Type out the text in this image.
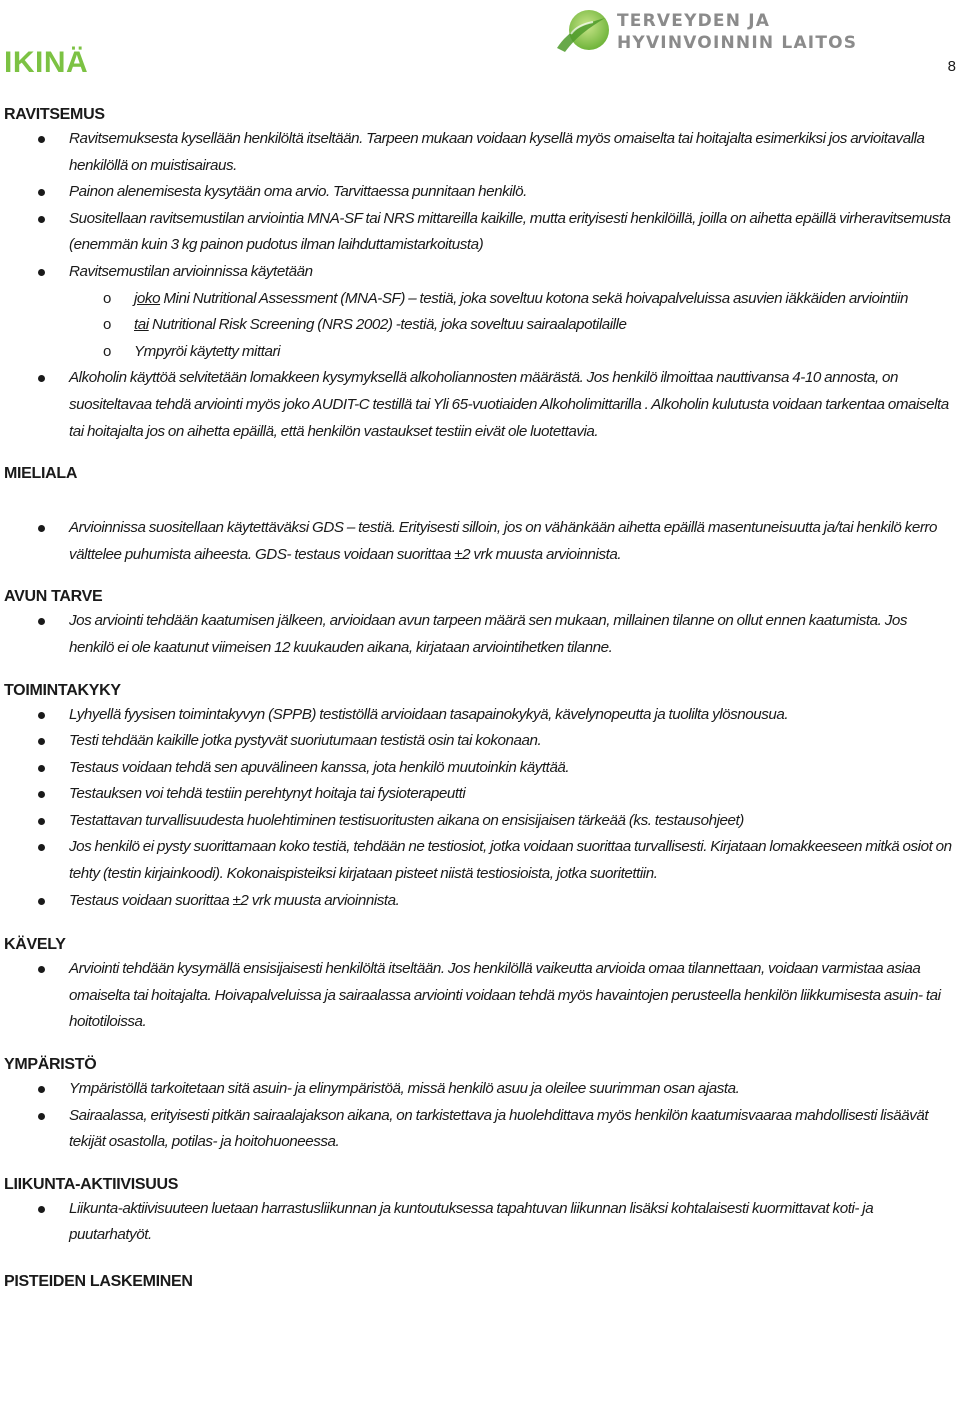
IKINÄ
TERVEYDEN JA
HYVINVOINNIN LAITOS
8
RAVITSEMUS
Ravitsemuksesta kysellään henkilöltä itseltään. Tarpeen mukaan voidaan kysellä myös omaiselta tai hoitajalta esimerkiksi jos arvioitavalla henkilöllä on muistisairaus.
Painon alenemisesta kysytään oma arvio. Tarvittaessa punnitaan henkilö.
Suositellaan ravitsemustilan arviointia MNA-SF tai NRS mittareilla kaikille, mutta erityisesti henkilöillä, joilla on aihetta epäillä virheravitsemusta (enemmän kuin 3 kg painon pudotus ilman laihduttamistarkoitusta)
Ravitsemustilan arvioinnissa käytetään
o joko Mini Nutritional Assessment (MNA-SF) – testiä, joka soveltuu kotona sekä hoivapalveluissa asuvien iäkkäiden arviointiin
o tai Nutritional Risk Screening (NRS 2002) -testiä, joka soveltuu sairaalapotilaille
o Ympyröi käytetty mittari
Alkoholin käyttöä selvitetään lomakkeen kysymyksellä alkoholiannosten määrästä. Jos henkilö ilmoittaa nauttivansa 4-10 annosta, on suositeltavaa tehdä arviointi myös joko AUDIT-C testillä tai Yli 65-vuotiaiden Alkoholimittarilla . Alkoholin kulutusta voidaan tarkentaa omaiselta tai hoitajalta jos on aihetta epäillä, että henkilön vastaukset testiin eivät ole luotettavia.
MIELIALA
Arvioinnissa suositellaan käytettäväksi GDS – testiä. Erityisesti silloin, jos on vähänkään aihetta epäillä masentuneisuutta ja/tai henkilö kerro välttelee puhumista aiheesta. GDS- testaus voidaan suorittaa ±2 vrk muusta arvioinnista.
AVUN TARVE
Jos arviointi tehdään kaatumisen jälkeen, arvioidaan avun tarpeen määrä sen mukaan, millainen tilanne on ollut ennen kaatumista. Jos henkilö ei ole kaatunut viimeisen 12 kuukauden aikana, kirjataan arviointihetken tilanne.
TOIMINTAKYKY
Lyhyellä fyysisen toimintakyvyn (SPPB) testistöllä arvioidaan tasapainokykyä, kävelynopeutta ja tuolilta ylösnousua.
Testi tehdään kaikille jotka pystyvät suoriutumaan testistä osin tai kokonaan.
Testaus voidaan tehdä sen apuvälineen kanssa, jota henkilö muutoinkin käyttää.
Testauksen voi tehdä testiin perehtynyt hoitaja tai fysioterapeutti
Testattavan turvallisuudesta huolehtiminen testisuoritusten aikana on ensisijaisen tärkeää (ks. testausohjeet)
Jos henkilö ei pysty suorittamaan koko testiä, tehdään ne testiosiot, jotka voidaan suorittaa turvallisesti. Kirjataan lomakkeeseen mitkä osiot on tehty (testin kirjainkoodi). Kokonaispisteiksi kirjataan pisteet niistä testiosioista, jotka suoritettiin.
Testaus voidaan suorittaa ±2 vrk muusta arvioinnista.
KÄVELY
Arviointi tehdään kysymällä ensisijaisesti henkilöltä itseltään. Jos henkilöllä vaikeutta arvioida omaa tilannettaan, voidaan varmistaa asiaa omaiselta tai hoitajalta. Hoivapalveluissa ja sairaalassa arviointi voidaan tehdä myös havaintojen perusteella henkilön liikkumisesta asuin- tai hoitotiloissa.
YMPÄRISTÖ
Ympäristöllä tarkoitetaan sitä asuin- ja elinympäristöä, missä henkilö asuu ja oleilee suurimman osan ajasta.
Sairaalassa, erityisesti pitkän sairaalajakson aikana, on tarkistettava ja huolehdittava myös henkilön kaatumisvaaraa mahdollisesti lisäävät tekijät osastolla, potilas- ja hoitohuoneessa.
LIIKUNTA-AKTIIVISUUS
Liikunta-aktiivisuuteen luetaan harrastusliikunnan ja kuntoutuksessa tapahtuvan liikunnan lisäksi kohtalaisesti kuormittavat koti- ja puutarhatyöt.
PISTEIDEN LASKEMINEN
